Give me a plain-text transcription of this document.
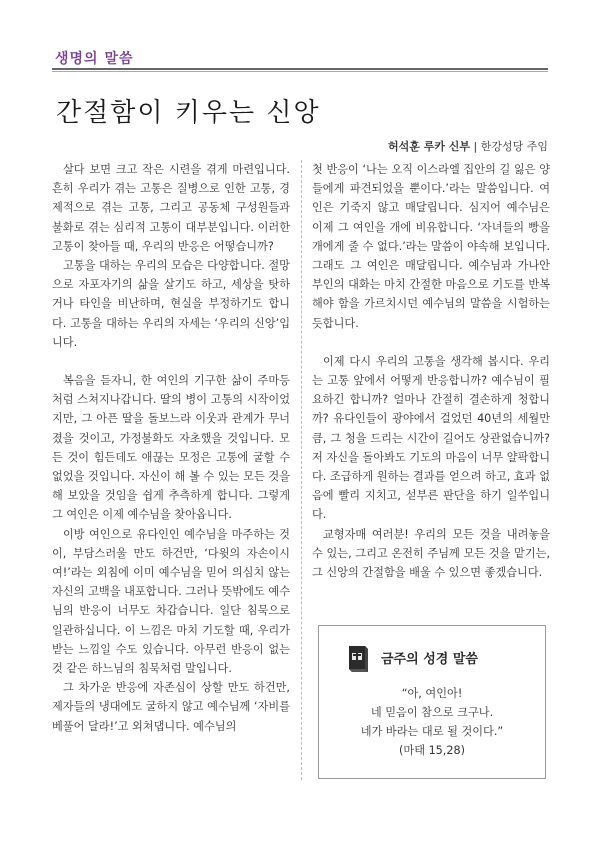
생명의 말씀
간절함이 키우는 신앙
허석훈 루카 신부 | 한강성당 주임

살다 보면 크고 작은 시련을 겪게 마련입니다. 흔히 우리가 겪는 고통은 질병으로 인한 고통, 경제적으로 겪는 고통, 그리고 공동체 구성원들과 불화로 겪는 심리적 고통이 대부분입니다. 이러한 고통이 찾아들 때, 우리의 반응은 어떻습니까?

고통을 대하는 우리의 모습은 다양합니다. 절망으로 자포자기의 삶을 살기도 하고, 세상을 탓하거나 타인을 비난하며, 현실을 부정하기도 합니다. 고통을 대하는 우리의 자세는 ‘우리의 신앙’입니다.

복음을 듣자니, 한 여인의 기구한 삶이 주마등처럼 스쳐지나갑니다. 딸의 병이 고통의 시작이었지만, 그 아픈 딸을 돌보느라 이웃과 관계가 무너졌을 것이고, 가정불화도 자초했을 것입니다. 모든 것이 힘든데도 애끊는 모정은 고통에 굴할 수 없었을 것입니다. 자신이 해 볼 수 있는 모든 것을 해 보았을 것임을 쉽게 추측하게 합니다. 그렇게 그 여인은 이제 예수님을 찾아옵니다.

이방 여인으로 유다인인 예수님을 마주하는 것이, 부담스러울 만도 하건만, ‘다윗의 자손이시여!’라는 외침에 이미 예수님을 믿어 의심치 않는 자신의 고백을 내포합니다. 그러나 뜻밖에도 예수님의 반응이 너무도 차갑습니다. 일단 침묵으로 일관하십니다. 이 느낌은 마치 기도할 때, 우리가 받는 느낌일 수도 있습니다. 아무런 반응이 없는 것 같은 하느님의 침묵처럼 말입니다.

그 차가운 반응에 자존심이 상할 만도 하건만, 제자들의 냉대에도 굴하지 않고 예수님께 ‘자비를 베풀어 달라!’고 외쳐댑니다. 예수님의

첫 반응이 ‘나는 오직 이스라엘 집안의 길 잃은 양들에게 파견되었을 뿐이다.’라는 말씀입니다. 여인은 기죽지 않고 매달립니다. 심지어 예수님은 이제 그 여인을 개에 비유합니다. ‘자녀들의 빵을 개에게 줄 수 없다.’라는 말씀이 야속해 보입니다. 그래도 그 여인은 매달립니다. 예수님과 가나안 부인의 대화는 마치 간절한 마음으로 기도를 반복해야 함을 가르치시던 예수님의 말씀을 시험하는 듯합니다.

이제 다시 우리의 고통을 생각해 봅시다. 우리는 고통 앞에서 어떻게 반응합니까? 예수님이 필요하긴 합니까? 얼마나 간절히 결손하게 청합니까? 유다인들이 광야에서 걸었던 40년의 세월만큼, 그 청을 드리는 시간이 길어도 상관없습니까? 저 자신을 돌아봐도 기도의 마음이 너무 얄팍합니다. 조급하게 원하는 결과를 얻으려 하고, 효과 없음에 빨리 지치고, 섣부른 판단을 하기 일쑤입니다.

교형자매 여러분! 우리의 모든 것을 내려놓을 수 있는, 그리고 온전히 주님께 모든 것을 맡기는, 그 신앙의 간절함을 배울 수 있으면 좋겠습니다.

금주의 성경 말씀
“아, 여인아!
네 믿음이 참으로 크구나.
네가 바라는 대로 될 것이다.”
(마태 15,28)
